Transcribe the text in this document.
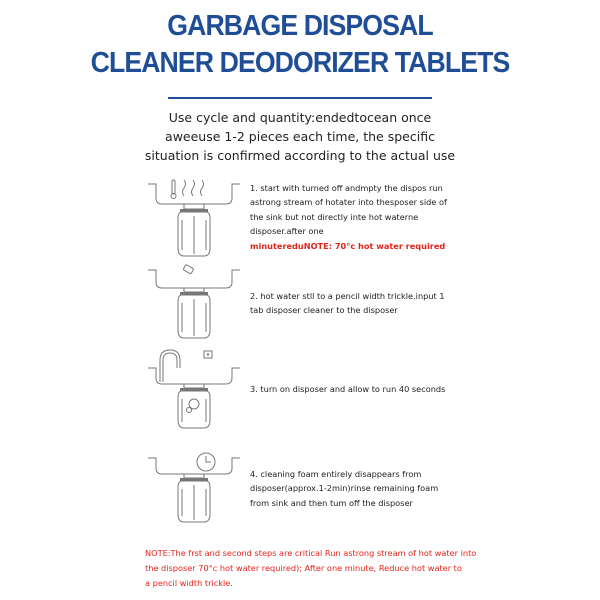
GARBAGE DISPOSAL
CLEANER DEODORIZER TABLETS
Use cycle and quantity:endedtocean once
aweeuse 1-2 pieces each time, the specific
situation is confirmed according to the actual use
1. start with turned off andmpty the dispos run
astrong stream of hotater into thesposer side of
the sink but not directly inte hot waterne
disposer.after one
minutereduNOTE: 70°c hot water required
2. hot water stll to a pencil width trickle.input 1
tab disposer cleaner to the disposer
3. turn on disposer and allow to run 40 seconds
4. cleaning foam entirely disappears from
disposer(approx.1-2min)rinse remaining foam
from sink and then tum off the disposer
NOTE:The frst and second steps are critical Run astrong stream of hot water into
the disposer 70°c hot water required); After one minute, Reduce hot water to
a pencil width trickle.
